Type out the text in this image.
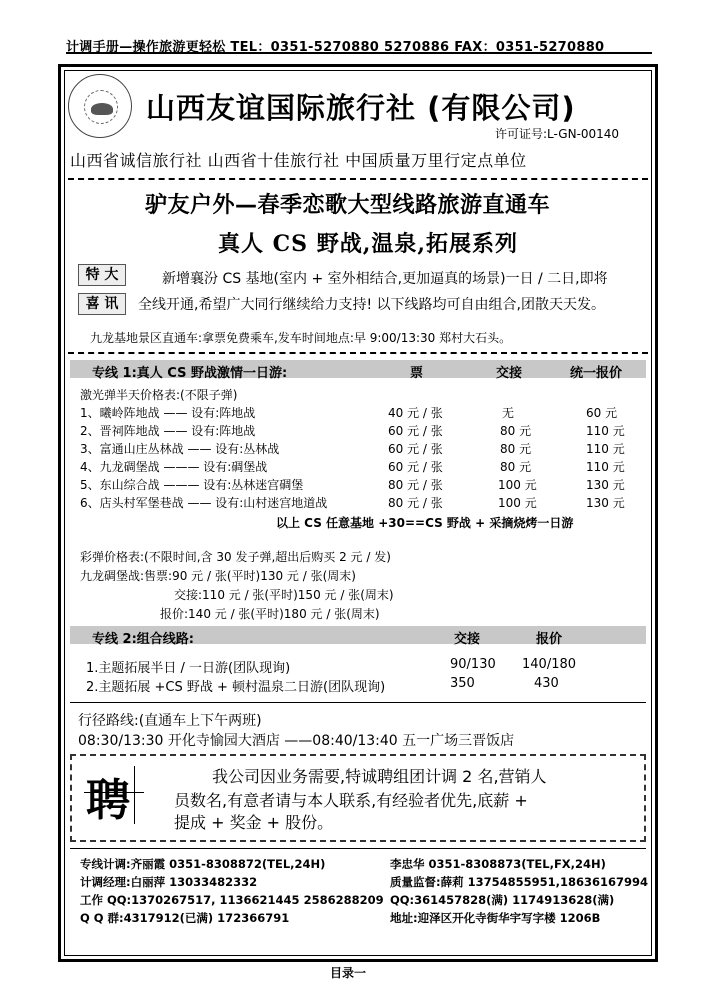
计调手册—操作旅游更轻松 TEL：0351-5270880 5270886 FAX：0351-5270880
山西友谊国际旅行社 (有限公司)
许可证号:L-GN-00140
山西省诚信旅行社 山西省十佳旅行社 中国质量万里行定点单位
驴友户外—春季恋歌大型线路旅游直通车
真人 CS 野战,温泉,拓展系列
特 大
喜 讯
新增襄汾 CS 基地(室内 + 室外相结合,更加逼真的场景)一日 / 二日,即将
全线开通,希望广大同行继续给力支持! 以下线路均可自由组合,团散天天发。
九龙基地景区直通车:拿票免费乘车,发车时间地点:早 9:00/13:30 郑村大石头。
专线 1:真人 CS 野战激情一日游:	票	交接	统一报价
激光弹半天价格表:(不限子弹)
1、曦岭阵地战 —— 设有:阵地战	40 元 / 张	无	60 元
2、晋祠阵地战 —— 设有:阵地战	60 元 / 张	80 元	110 元
3、富通山庄丛林战 —— 设有:丛林战	60 元 / 张	80 元	110 元
4、九龙碉堡战 ——— 设有:碉堡战	60 元 / 张	80 元	110 元
5、东山综合战 ——— 设有:丛林迷宫碉堡	80 元 / 张	100 元	130 元
6、店头村军堡巷战 —— 设有:山村迷宫地道战	80 元 / 张	100 元	130 元
以上 CS 任意基地 +30==CS 野战 + 采摘烧烤一日游
彩弹价格表:(不限时间,含 30 发子弹,超出后购买 2 元 / 发)
九龙碉堡战:售票:90 元 / 张(平时)130 元 / 张(周末)
交接:110 元 / 张(平时)150 元 / 张(周末)
报价:140 元 / 张(平时)180 元 / 张(周末)
专线 2:组合线路:	交接	报价
1.主题拓展半日 / 一日游(团队现询)	90/130 140/180
2.主题拓展 +CS 野战 + 顿村温泉二日游(团队现询)	350	430
行径路线:(直通车上下午两班)
08:30/13:30 开化寺愉园大酒店 ——08:40/13:40 五一广场三晋饭店
聘	我公司因业务需要,特诚聘组团计调 2 名,营销人
员数名,有意者请与本人联系,有经验者优先,底薪 +
提成 + 奖金 + 股份。
专线计调:齐丽霞 0351-8308872(TEL,24H)
计调经理:白丽萍 13033482332
工作 QQ:1370267517, 1136621445 2586288209
Q Q 群:4317912(已满) 172366791
李忠华 0351-8308873(TEL,FX,24H)
质量监督:薛莉 13754855951,18636167994
QQ:361457828(满) 1174913628(满)
地址:迎泽区开化寺街华宇写字楼 1206B
目录一
